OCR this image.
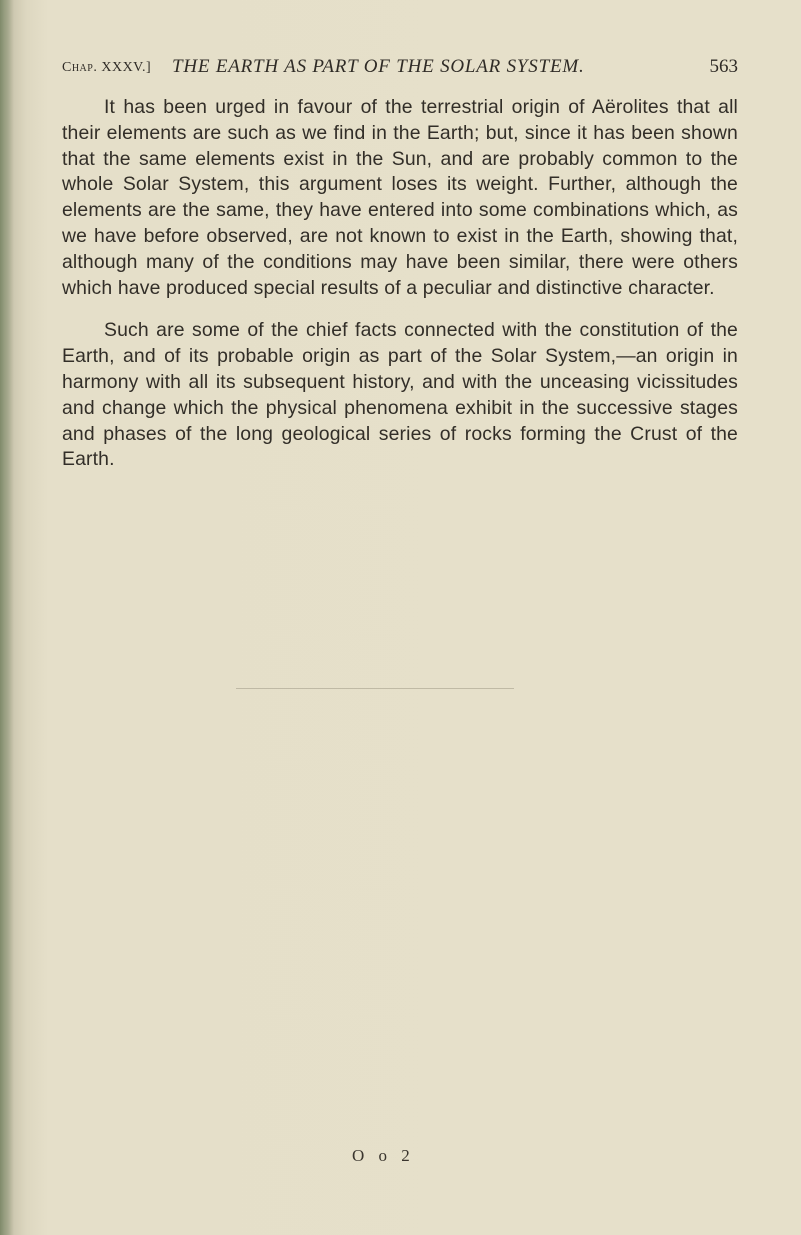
Chap. XXXV.] THE EARTH AS PART OF THE SOLAR SYSTEM.	563

It has been urged in favour of the terrestrial origin of Aërolites that all their elements are such as we find in the Earth; but, since it has been shown that the same elements exist in the Sun, and are probably common to the whole Solar System, this argument loses its weight. Further, although the elements are the same, they have entered into some combinations which, as we have before observed, are not known to exist in the Earth, showing that, although many of the conditions may have been similar, there were others which have produced special results of a peculiar and distinctive character.

Such are some of the chief facts connected with the constitution of the Earth, and of its probable origin as part of the Solar System,—an origin in harmony with all its subsequent history, and with the unceasing vicissitudes and change which the physical phenomena exhibit in the successive stages and phases of the long geological series of rocks forming the Crust of the Earth.

O o 2
